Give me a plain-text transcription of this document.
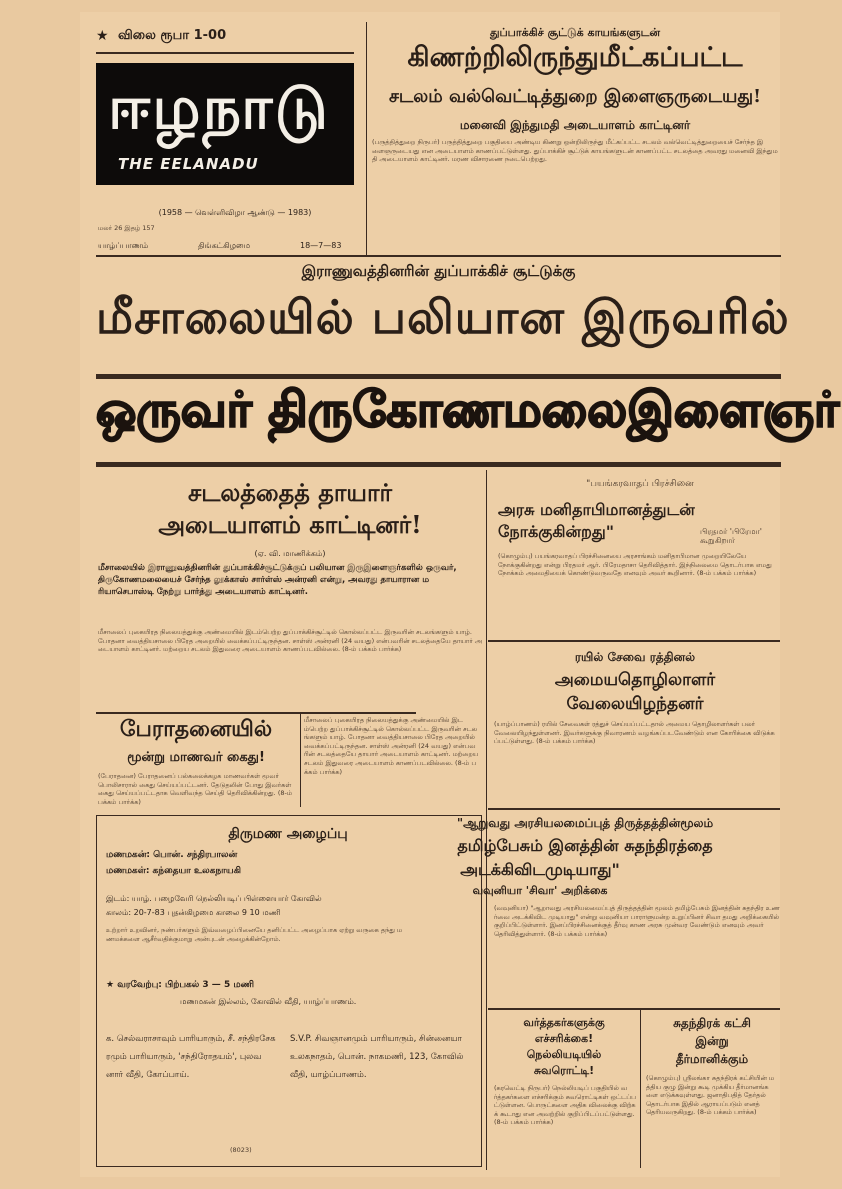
★ விலை ரூபா 1-00
ஈழநாடு
THE EELANADU
(1958 — வெள்ளிவிழா ஆண்டு — 1983)
மலர் 26 இதழ் 157
யாழ்ப்பாணம்	திங்கட்கிழமை	18—7—83
துப்பாக்கிச் சூட்டுக் காயங்களுடன்
கிணற்றிலிருந்துமீட்கப்பட்ட
சடலம் வல்வெட்டித்துறை இளைஞருடையது!
மனைவி இந்துமதி அடையாளம் காட்டினர்
(பருத்தித்துறை நிருபர்) பருத்தித்துறை பகுதியை அண்டிய கிணறு ஒன்றிலிருந்து மீட்கப்பட்ட சடலம் வல்வெட்டித்துறையைச் சேர்ந்த இளைஞருடையது என அடையாளம் காணப்பட்டுள்ளது. துப்பாக்கிச் சூட்டுக் காயங்களுடன் காணப்பட்ட சடலத்தை அவரது மனைவி இந்துமதி அடையாளம் காட்டினர். மரண விசாரணை நடைபெற்றது.
இராணுவத்தினரின் துப்பாக்கிச் சூட்டுக்கு
மீசாலையில் பலியான இருவரில்
ஒருவர் திருகோணமலைஇளைஞர்
சடலத்தைத் தாயார்
அடையாளம் காட்டினர்!
(ஏ. வி. மாணிக்கம்)
மீசாலையில் இராணுவத்தினரின் துப்பாக்கிச்சூட்டுக்குப் பலியான இருஇளைஞர்களில் ஒருவர், திருகோணமலையைச் சேர்ந்த லூக்காஸ் சார்ள்ஸ் அன்ரனி என்று, அவரது தாயாரான மரியாசெபாஸ்டி நேற்று பார்த்து அடையாளம் காட்டினர்.
மீசாலைப் புகையிரத நிலையத்துக்கு அண்மையில் இடம்பெற்ற துப்பாக்கிச்சூட்டில் கொல்லப்பட்ட இருவரின் சடலங்களும் யாழ். போதனா வைத்தியசாலை பிரேத அறையில் வைக்கப்பட்டிருந்தன. சாள்ஸ் அன்ரனி (24 வயது) என்பவரின் சடலத்தையே தாயார் அடையாளம் காட்டினர். மற்றைய சடலம் இதுவரை அடையாளம் காணப்படவில்லை. (8-ம் பக்கம் பார்க்க)
பேராதனையில்
மூன்று மாணவர் கைது!
(பேராதனை) பேராதனைப் பல்கலைக்கழக மாணவர்கள் மூவர் பொலிசாரால் கைது செய்யப்பட்டனர். தேடுதலின் போது இவர்கள் கைது செய்யப்பட்டதாக வெளிவந்த செய்தி தெரிவிக்கின்றது. (8-ம் பக்கம் பார்க்க)
மீசாலைப் புகையிரத நிலையத்துக்கு அண்மையில் இடம்பெற்ற துப்பாக்கிச்சூட்டில் கொல்லப்பட்ட இருவரின் சடலங்களும் யாழ். போதனா வைத்தியசாலை பிரேத அறையில் வைக்கப்பட்டிருந்தன. சாள்ஸ் அன்ரனி (24 வயது) என்பவரின் சடலத்தையே தாயார் அடையாளம் காட்டினர். மற்றைய சடலம் இதுவரை அடையாளம் காணப்படவில்லை. (8-ம் பக்கம் பார்க்க)
திருமண அழைப்பு
மணமகன்: பொன். சந்திரபாலன்
மணமகள்: கந்தையா உலகநாயகி
இடம்: யாழ். பழைவேரி நெல்லியடிப் பிள்ளையார் கோவில்
காலம்: 20-7-83 புதன்கிழமை காலை 9 10 மணி
உற்றார் உறவினர், நண்பர்களும் இவ்வழைப்பினையே தனிப்பட்ட அழைப்பாக ஏற்று வருகை தந்து மணமக்களை ஆசீர்வதிக்குமாறு அன்புடன் அழைக்கின்றோம்.
★ வரவேற்பு: பிற்பகல் 3 — 5 மணி
மணமகன் இல்லம், கோவில் வீதி, யாழ்ப்பாணம்.
க. செல்வராசாவும் பாரியாரும், சீ. சந்திரசேகரமும் பாரியாரும், 'சந்திரோதயம்', புலவனார் வீதி, கோப்பாய்.
S.V.P. சிவஞானமும் பாரியாரும், சின்னையா உலகநாதம், பொன். நாகமணி, 123, கோவில் வீதி, யாழ்ப்பாணம்.
(8023)
"பயங்கரவாதப் பிரச்சினை
அரசு மனிதாபிமானத்துடன்
நோக்குகின்றது"	பிரதமர் 'பிரேமா' கூறுகிறார்
(கொழும்பு) பயங்கரவாதப் பிரச்சினையை அரசாங்கம் மனிதாபிமான முறையிலேயே நோக்குகின்றது என்று பிரதமர் ஆர். பிரேமதாசா தெரிவித்தார். இந்நிலைமை தொடர்பாக எமது நோக்கம் அமைதியைக் கொண்டுவருவதே எனவும் அவர் கூறினார். (8-ம் பக்கம் பார்க்க)
ரயில் சேவை ரத்தினல்
அமையதொழிலாளர்
வேலையிழந்தனர்
(யாழ்ப்பாணம்) ரயில் சேவைகள் ரத்துச் செய்யப்பட்டதால் அமைய தொழிலாளர்கள் பலர் வேலையிழந்துள்ளனர். இவர்களுக்கு நிவாரணம் வழங்கப்படவேண்டும் என கோரிக்கை விடுக்கப்பட்டுள்ளது. (8-ம் பக்கம் பார்க்க)
"ஆறுவது அரசியலமைப்புத் திருத்தத்தின்மூலம்
தமிழ்பேசும் இனத்தின் சுதந்திரத்தை
அடக்கிவிடமுடியாது"
வவுனியா 'சிவா' அறிக்கை
(வவுனியா) "ஆறாவது அரசியலமைப்புத் திருத்தத்தின் மூலம் தமிழ்பேசும் இனத்தின் சுதந்திர உணர்வை அடக்கிவிட முடியாது" என்று வவுனியா பாராளுமன்ற உறுப்பினர் சிவா தமது அறிக்கையில் குறிப்பிட்டுள்ளார். இனப்பிரச்சினைக்குத் தீர்வு காண அரசு முன்வர வேண்டும் எனவும் அவர் தெரிவித்துள்ளார். (8-ம் பக்கம் பார்க்க)
வர்த்தகர்களுக்கு
எச்சரிக்கை!
நெல்லியடியில்
சுவரொட்டி!
(கரவெட்டி நிருபர்) நெல்லியடிப் பகுதியில் வர்த்தகர்களை எச்சரிக்கும் சுவரொட்டிகள் ஒட்டப்பட்டுள்ளன. பொருட்களை அதிக விலைக்கு விற்கக் கூடாது என அவற்றில் குறிப்பிடப்பட்டுள்ளது. (8-ம் பக்கம் பார்க்க)
சுதந்திரக் கட்சி
இன்று
தீர்மானிக்கும்
(கொழும்பு) ஸ்ரீலங்கா சுதந்திரக் கட்சியின் மத்திய குழு இன்று கூடி முக்கிய தீர்மானங்களை எடுக்கவுள்ளது. ஜனாதிபதித் தேர்தல் தொடர்பாக இதில் ஆராயப்படும் எனத் தெரியவருகிறது. (8-ம் பக்கம் பார்க்க)
